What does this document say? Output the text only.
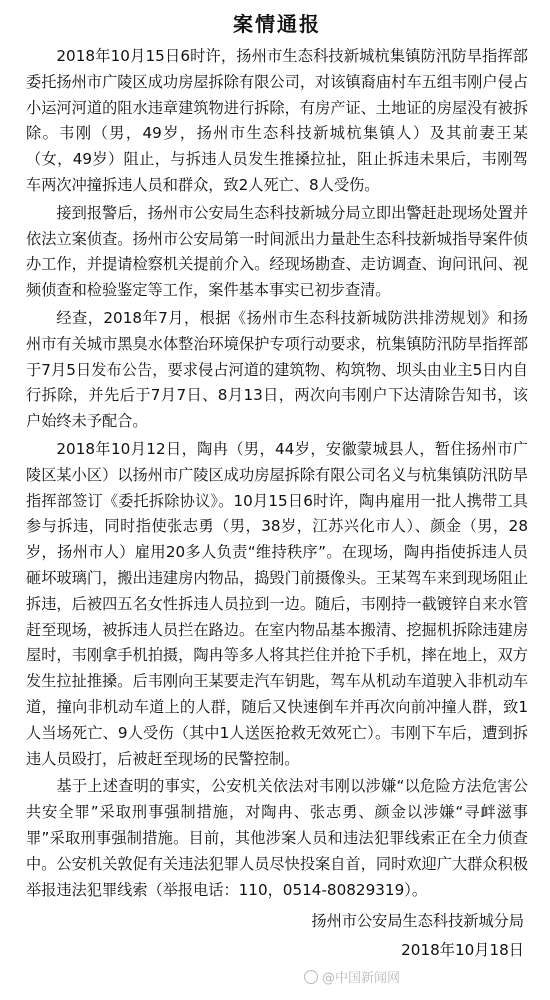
案情通报

2018年10月15日6时许，扬州市生态科技新城杭集镇防汛防旱指挥部委托扬州市广陵区成功房屋拆除有限公司，对该镇裔庙村车五组韦刚户侵占小运河河道的阻水违章建筑物进行拆除，有房产证、土地证的房屋没有被拆除。韦刚（男，49岁，扬州市生态科技新城杭集镇人）及其前妻王某（女，49岁）阻止，与拆违人员发生推搡拉扯，阻止拆违未果后，韦刚驾车两次冲撞拆违人员和群众，致2人死亡、8人受伤。

接到报警后，扬州市公安局生态科技新城分局立即出警赶赴现场处置并依法立案侦查。扬州市公安局第一时间派出力量赴生态科技新城指导案件侦办工作，并提请检察机关提前介入。经现场勘查、走访调查、询问讯问、视频侦查和检验鉴定等工作，案件基本事实已初步查清。

经查，2018年7月，根据《扬州市生态科技新城防洪排涝规划》和扬州市有关城市黑臭水体整治环境保护专项行动要求，杭集镇防汛防旱指挥部于7月5日发布公告，要求侵占河道的建筑物、构筑物、坝头由业主5日内自行拆除，并先后于7月7日、8月13日，两次向韦刚户下达清除告知书，该户始终未予配合。

2018年10月12日，陶冉（男，44岁，安徽蒙城县人，暂住扬州市广陵区某小区）以扬州市广陵区成功房屋拆除有限公司名义与杭集镇防汛防旱指挥部签订《委托拆除协议》。10月15日6时许，陶冉雇用一批人携带工具参与拆违，同时指使张志勇（男，38岁，江苏兴化市人）、颜金（男，28岁，扬州市人）雇用20多人负责“维持秩序”。在现场，陶冉指使拆违人员砸坏玻璃门，搬出违建房内物品，捣毁门前摄像头。王某驾车来到现场阻止拆违，后被四五名女性拆违人员拉到一边。随后，韦刚持一截镀锌自来水管赶至现场，被拆违人员拦在路边。在室内物品基本搬清、挖掘机拆除违建房屋时，韦刚拿手机拍摄，陶冉等多人将其拦住并抢下手机，摔在地上，双方发生拉扯推搡。后韦刚向王某要走汽车钥匙，驾车从机动车道驶入非机动车道，撞向非机动车道上的人群，随后又快速倒车并再次向前冲撞人群，致1人当场死亡、9人受伤（其中1人送医抢救无效死亡）。韦刚下车后，遭到拆违人员殴打，后被赶至现场的民警控制。

基于上述查明的事实，公安机关依法对韦刚以涉嫌“以危险方法危害公共安全罪”采取刑事强制措施，对陶冉、张志勇、颜金以涉嫌“寻衅滋事罪”采取刑事强制措施。目前，其他涉案人员和违法犯罪线索正在全力侦查中。公安机关敦促有关违法犯罪人员尽快投案自首，同时欢迎广大群众积极举报违法犯罪线索（举报电话：110，0514-80829319）。

扬州市公安局生态科技新城分局
2018年10月18日
@中国新闻网
